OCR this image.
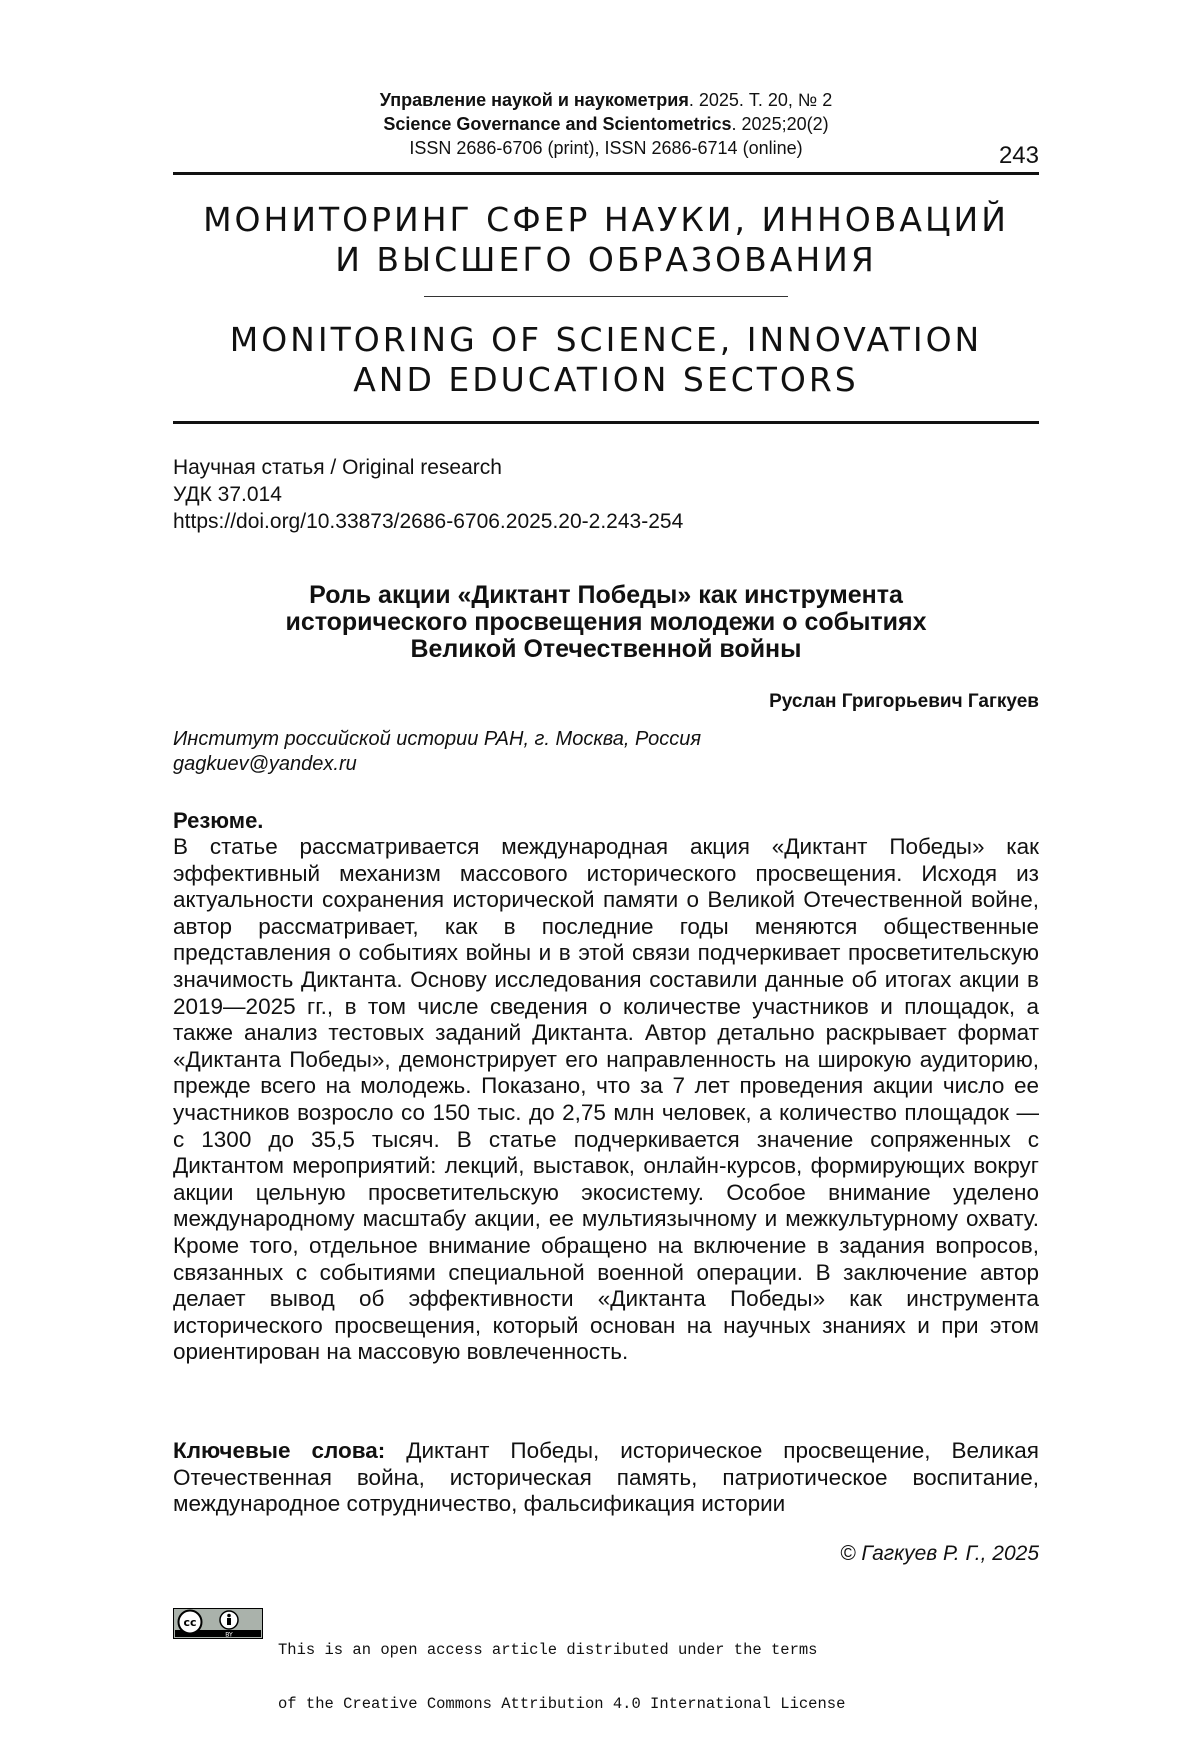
Управление наукой и наукометрия. 2025. Т. 20, № 2
Science Governance and Scientometrics. 2025;20(2)
ISSN 2686-6706 (print), ISSN 2686-6714 (online)	243
МОНИТОРИНГ СФЕР НАУКИ, ИННОВАЦИЙ
И ВЫСШЕГО ОБРАЗОВАНИЯ
MONITORING OF SCIENCE, INNOVATION
AND EDUCATION SECTORS
Научная статья / Original research
УДК 37.014
https://doi.org/10.33873/2686-6706.2025.20-2.243-254
Роль акции «Диктант Победы» как инструмента
исторического просвещения молодежи о событиях
Великой Отечественной войны
Руслан Григорьевич Гагкуев
Институт российской истории РАН, г. Москва, Россия
gagkuev@yandex.ru
Резюме.
В статье рассматривается международная акция «Диктант Победы» как эффективный механизм массового исторического просвещения. Исходя из актуальности сохранения исторической памяти о Великой Отечественной войне, автор рассматривает, как в последние годы меняются общественные представления о событиях войны и в этой связи подчеркивает просветительскую значимость Диктанта. Основу исследования составили данные об итогах акции в 2019—2025 гг., в том числе сведения о количестве участников и площадок, а также анализ тестовых заданий Диктанта. Автор детально раскрывает формат «Диктанта Победы», демонстрирует его направленность на широкую аудиторию, прежде всего на молодежь. Показано, что за 7 лет проведения акции число ее участников возросло со 150 тыс. до 2,75 млн человек, а количество площадок — с 1300 до 35,5 тысяч. В статье подчеркивается значение сопряженных с Диктантом мероприятий: лекций, выставок, онлайн-курсов, формирующих вокруг акции цельную просветительскую экосистему. Особое внимание уделено международному масштабу акции, ее мультиязычному и межкультурному охвату. Кроме того, отдельное внимание обращено на включение в задания вопросов, связанных с событиями специальной военной операции. В заключение автор делает вывод об эффективности «Диктанта Победы» как инструмента исторического просвещения, который основан на научных знаниях и при этом ориентирован на массовую вовлеченность.
Ключевые слова: Диктант Победы, историческое просвещение, Великая Отечественная война, историческая память, патриотическое воспитание, международное сотрудничество, фальсификация истории
© Гагкуев Р. Г., 2025
cc
BY

This is an open access article distributed under the terms

of the Creative Commons Attribution 4.0 International License
